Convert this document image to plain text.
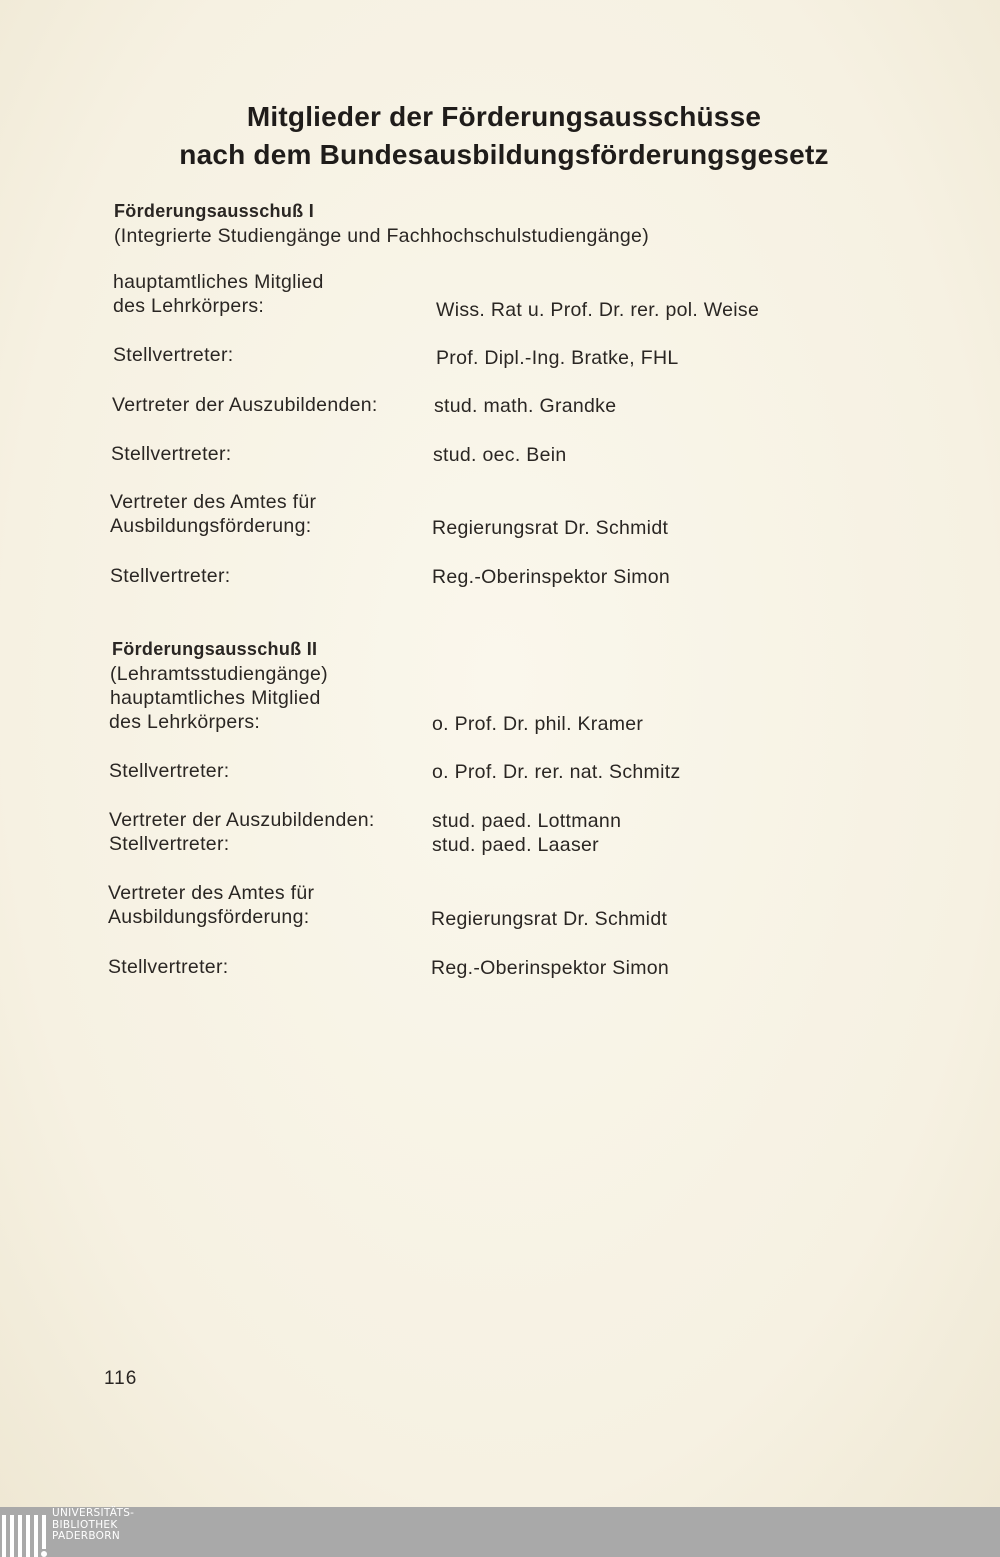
Mitglieder der Förderungsausschüsse
nach dem Bundesausbildungsförderungsgesetz
Förderungsausschuß I
(Integrierte Studiengänge und Fachhochschulstudiengänge)
hauptamtliches Mitglied
des Lehrkörpers:	Wiss. Rat u. Prof. Dr. rer. pol. Weise
Stellvertreter:	Prof. Dipl.-Ing. Bratke, FHL
Vertreter der Auszubildenden:	stud. math. Grandke
Stellvertreter:	stud. oec. Bein
Vertreter des Amtes für
Ausbildungsförderung:	Regierungsrat Dr. Schmidt
Stellvertreter:	Reg.-Oberinspektor Simon
Förderungsausschuß II
(Lehramtsstudiengänge)
hauptamtliches Mitglied
des Lehrkörpers:	o. Prof. Dr. phil. Kramer
Stellvertreter:	o. Prof. Dr. rer. nat. Schmitz
Vertreter der Auszubildenden:	stud. paed. Lottmann
Stellvertreter:	stud. paed. Laaser
Vertreter des Amtes für
Ausbildungsförderung:	Regierungsrat Dr. Schmidt
Stellvertreter:	Reg.-Oberinspektor Simon
116
UNIVERSITÄTS-
BIBLIOTHEK
PADERBORN
